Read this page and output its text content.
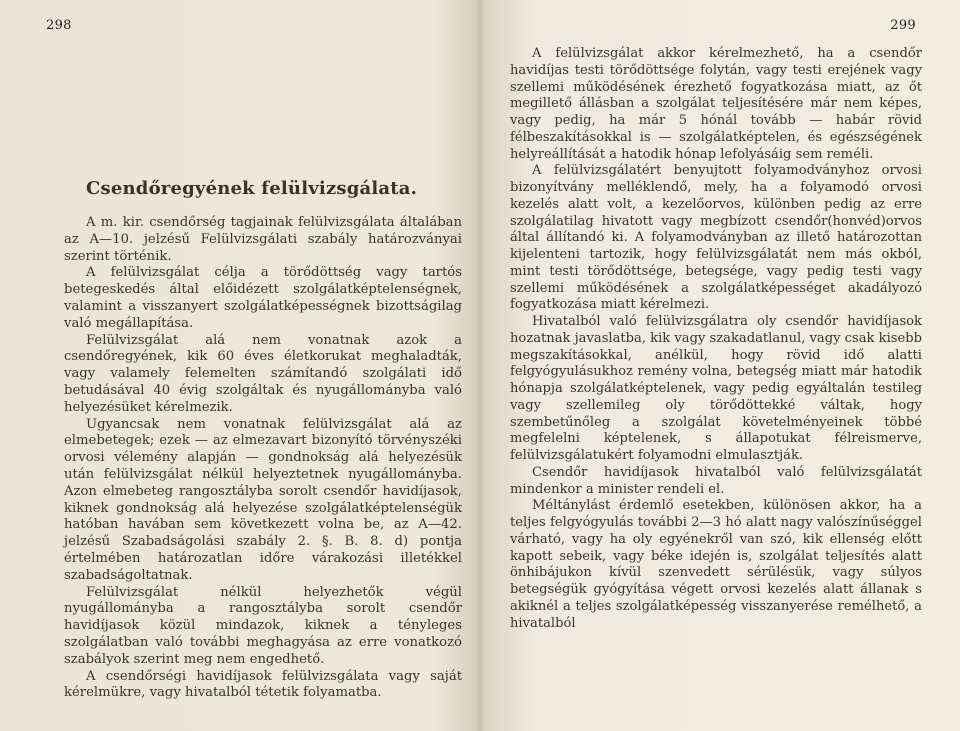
298
Csendőregyének felülvizsgálata.

A m. kir. csendőrség tagjainak felülvizsgálata általában az A—10. jelzésű Felülvizsgálati szabály határozványai szerint történik.

A felülvizsgálat célja a törődöttség vagy tartós betegeskedés által előidézett szolgálatképtelenségnek, valamint a visszanyert szolgálatképességnek bizottságilag való megállapítása.

Felülvizsgálat alá nem vonatnak azok a csendőregyének, kik 60 éves életkorukat meghaladták, vagy valamely felemelten számítandó szolgálati idő betudásával 40 évig szolgáltak és nyugállományba való helyezésüket kérelmezik.

Ugyancsak nem vonatnak felülvizsgálat alá az elmebetegek; ezek — az elmezavart bizonyító törvényszéki orvosi vélemény alapján — gondnokság alá helyezésük után felülvizsgálat nélkül helyeztetnek nyugállományba. Azon elmebeteg rangosztályba sorolt csendőr havidíjasok, kiknek gondnokság alá helyezése szolgálatképtelenségük hatóban havában sem következett volna be, az A—42. jelzésű Szabadságolási szabály 2. §. B. 8. d) pontja értelmében határozatlan időre várakozási illetékkel szabadságoltatnak.

Felülvizsgálat nélkül helyezhetők végül nyugállományba a rangosztályba sorolt csendőr havidíjasok közül mindazok, kiknek a tényleges szolgálatban való további meghagyása az erre vonatkozó szabályok szerint meg nem engedhető.

A csendőrségi havidíjasok felülvizsgálata vagy saját kérelmükre, vagy hivatalból tétetik folyamatba.

299

A felülvizsgálat akkor kérelmezhető, ha a csendőr havidíjas testi törődöttsége folytán, vagy testi erejének vagy szellemi működésének érezhető fogyatkozása miatt, az őt megillető állásban a szolgálat teljesítésére már nem képes, vagy pedig, ha már 5 hónál tovább — habár rövid félbeszakításokkal is — szolgálatképtelen, és egészségének helyreállítását a hatodik hónap lefolyásáig sem reméli.

A felülvizsgálatért benyujtott folyamodványhoz orvosi bizonyítvány melléklendő, mely, ha a folyamodó orvosi kezelés alatt volt, a kezelőorvos, különben pedig az erre szolgálatilag hivatott vagy megbízott csendőr(honvéd)orvos által állítandó ki. A folyamodványban az illető határozottan kijelenteni tartozik, hogy felülvizsgálatát nem más okból, mint testi törődöttsége, betegsége, vagy pedig testi vagy szellemi működésének a szolgálatképességet akadályozó fogyatkozása miatt kérelmezi.

Hivatalból való felülvizsgálatra oly csendőr havidíjasok hozatnak javaslatba, kik vagy szakadatlanul, vagy csak kisebb megszakításokkal, anélkül, hogy rövid idő alatti felgyógyulásukhoz remény volna, betegség miatt már hatodik hónapja szolgálatképtelenek, vagy pedig egyáltalán testileg vagy szellemileg oly törődöttekké váltak, hogy szembetűnőleg a szolgálat követelményeinek többé megfelelni képtelenek, s állapotukat félreismerve, felülvizsgálatukért folyamodni elmulasztják.

Csendőr havidíjasok hivatalból való felülvizsgálatát mindenkor a minister rendeli el.

Méltánylást érdemlő esetekben, különösen akkor, ha a teljes felgyógyulás további 2—3 hó alatt nagy valószínűséggel várható, vagy ha oly egyénekről van szó, kik ellenség előtt kapott sebeik, vagy béke idején is, szolgálat teljesítés alatt önhibájukon kívül szenvedett sérülésük, vagy súlyos betegségük gyógyítása végett orvosi kezelés alatt állanak s akiknél a teljes szolgálatképesség visszanyerése remélhető, a hivatalból
